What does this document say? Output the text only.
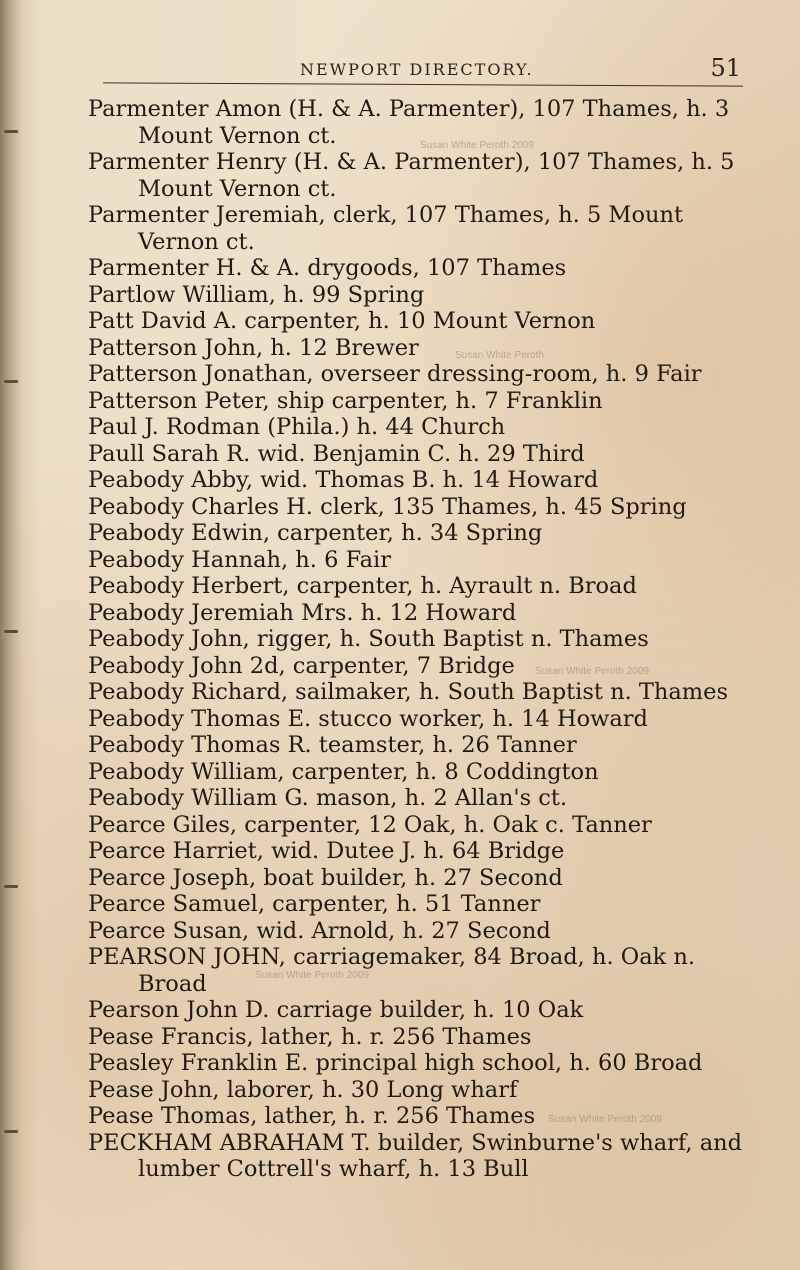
NEWPORT DIRECTORY.	51
Parmenter Amon (H. & A. Parmenter), 107 Thames, h. 3 Mount Vernon ct.
Parmenter Henry (H. & A. Parmenter), 107 Thames, h. 5 Mount Vernon ct.
Parmenter Jeremiah, clerk, 107 Thames, h. 5 Mount Vernon ct.
Parmenter H. & A. drygoods, 107 Thames
Partlow William, h. 99 Spring
Patt David A. carpenter, h. 10 Mount Vernon
Patterson John, h. 12 Brewer
Patterson Jonathan, overseer dressing-room, h. 9 Fair
Patterson Peter, ship carpenter, h. 7 Franklin
Paul J. Rodman (Phila.) h. 44 Church
Paull Sarah R. wid. Benjamin C. h. 29 Third
Peabody Abby, wid. Thomas B. h. 14 Howard
Peabody Charles H. clerk, 135 Thames, h. 45 Spring
Peabody Edwin, carpenter, h. 34 Spring
Peabody Hannah, h. 6 Fair
Peabody Herbert, carpenter, h. Ayrault n. Broad
Peabody Jeremiah Mrs. h. 12 Howard
Peabody John, rigger, h. South Baptist n. Thames
Peabody John 2d, carpenter, 7 Bridge
Peabody Richard, sailmaker, h. South Baptist n. Thames
Peabody Thomas E. stucco worker, h. 14 Howard
Peabody Thomas R. teamster, h. 26 Tanner
Peabody William, carpenter, h. 8 Coddington
Peabody William G. mason, h. 2 Allan's ct.
Pearce Giles, carpenter, 12 Oak, h. Oak c. Tanner
Pearce Harriet, wid. Dutee J. h. 64 Bridge
Pearce Joseph, boat builder, h. 27 Second
Pearce Samuel, carpenter, h. 51 Tanner
Pearce Susan, wid. Arnold, h. 27 Second
PEARSON JOHN, carriagemaker, 84 Broad, h. Oak n. Broad
Pearson John D. carriage builder, h. 10 Oak
Pease Francis, lather, h. r. 256 Thames
Peasley Franklin E. principal high school, h. 60 Broad
Pease John, laborer, h. 30 Long wharf
Pease Thomas, lather, h. r. 256 Thames
PECKHAM ABRAHAM T. builder, Swinburne's wharf, and lumber Cottrell's wharf, h. 13 Bull
Susan White Peroth 2009
Susan White Peroth
Susan White Peroth 2009
Susan White Peroth 2009
Susan White Peroth 2009
